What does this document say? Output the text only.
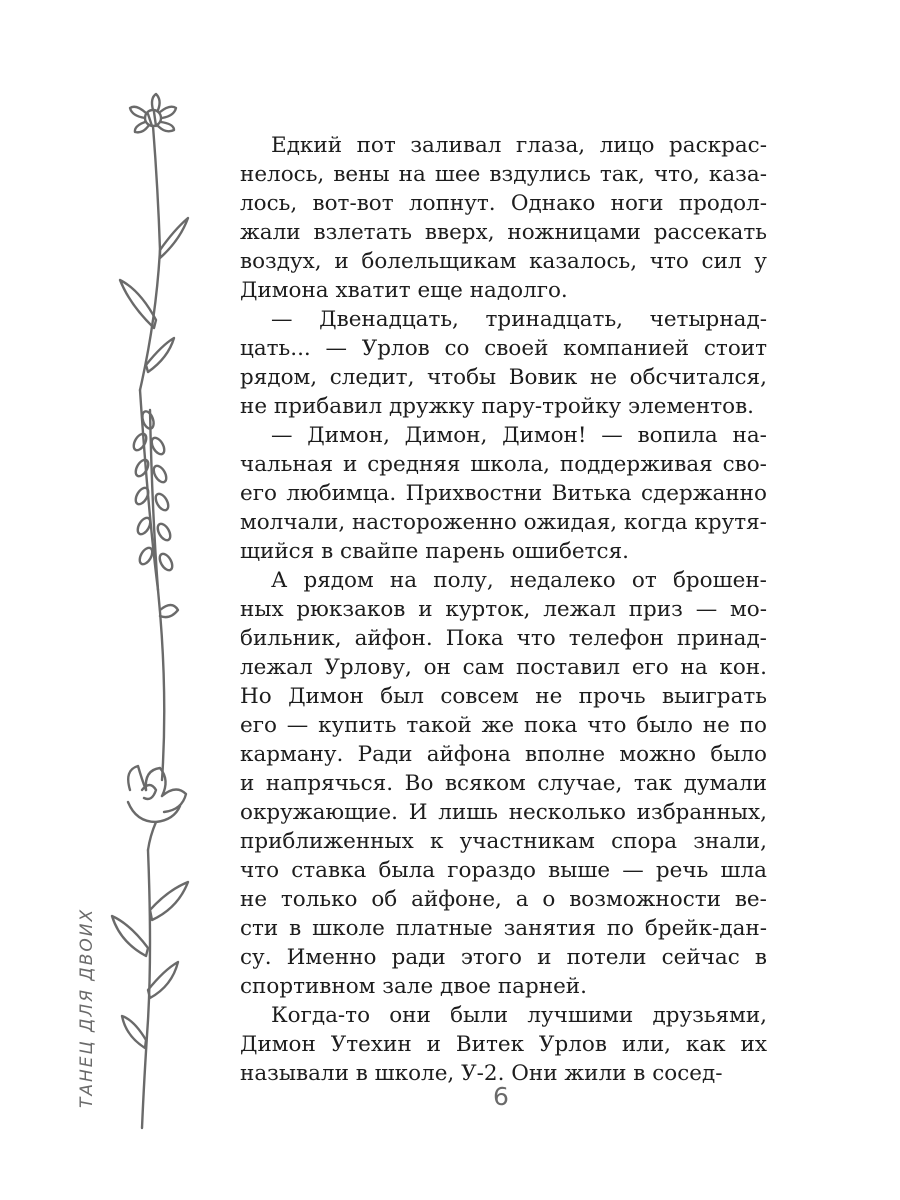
ТАНЕЦ ДЛЯ ДВОИХ
Едкий пот заливал глаза, лицо раскрас-
нелось, вены на шее вздулись так, что, каза-
лось, вот-вот лопнут. Однако ноги продол-
жали взлетать вверх, ножницами рассекать
воздух, и болельщикам казалось, что сил у
Димона хватит еще надолго.
— Двенадцать, тринадцать, четырнад-
цать... — Урлов со своей компанией стоит
рядом, следит, чтобы Вовик не обсчитался,
не прибавил дружку пару-тройку элементов.
— Димон, Димон, Димон! — вопила на-
чальная и средняя школа, поддерживая сво-
его любимца. Прихвостни Витька сдержанно
молчали, настороженно ожидая, когда крутя-
щийся в свайпе парень ошибется.
А рядом на полу, недалеко от брошен-
ных рюкзаков и курток, лежал приз — мо-
бильник, айфон. Пока что телефон принад-
лежал Урлову, он сам поставил его на кон.
Но Димон был совсем не прочь выиграть
его — купить такой же пока что было не по
карману. Ради айфона вполне можно было
и напрячься. Во всяком случае, так думали
окружающие. И лишь несколько избранных,
приближенных к участникам спора знали,
что ставка была гораздо выше — речь шла
не только об айфоне, а о возможности ве-
сти в школе платные занятия по брейк-дан-
су. Именно ради этого и потели сейчас в
спортивном зале двое парней.
Когда-то они были лучшими друзьями,
Димон Утехин и Витек Урлов или, как их
называли в школе, У-2. Они жили в сосед-
6
